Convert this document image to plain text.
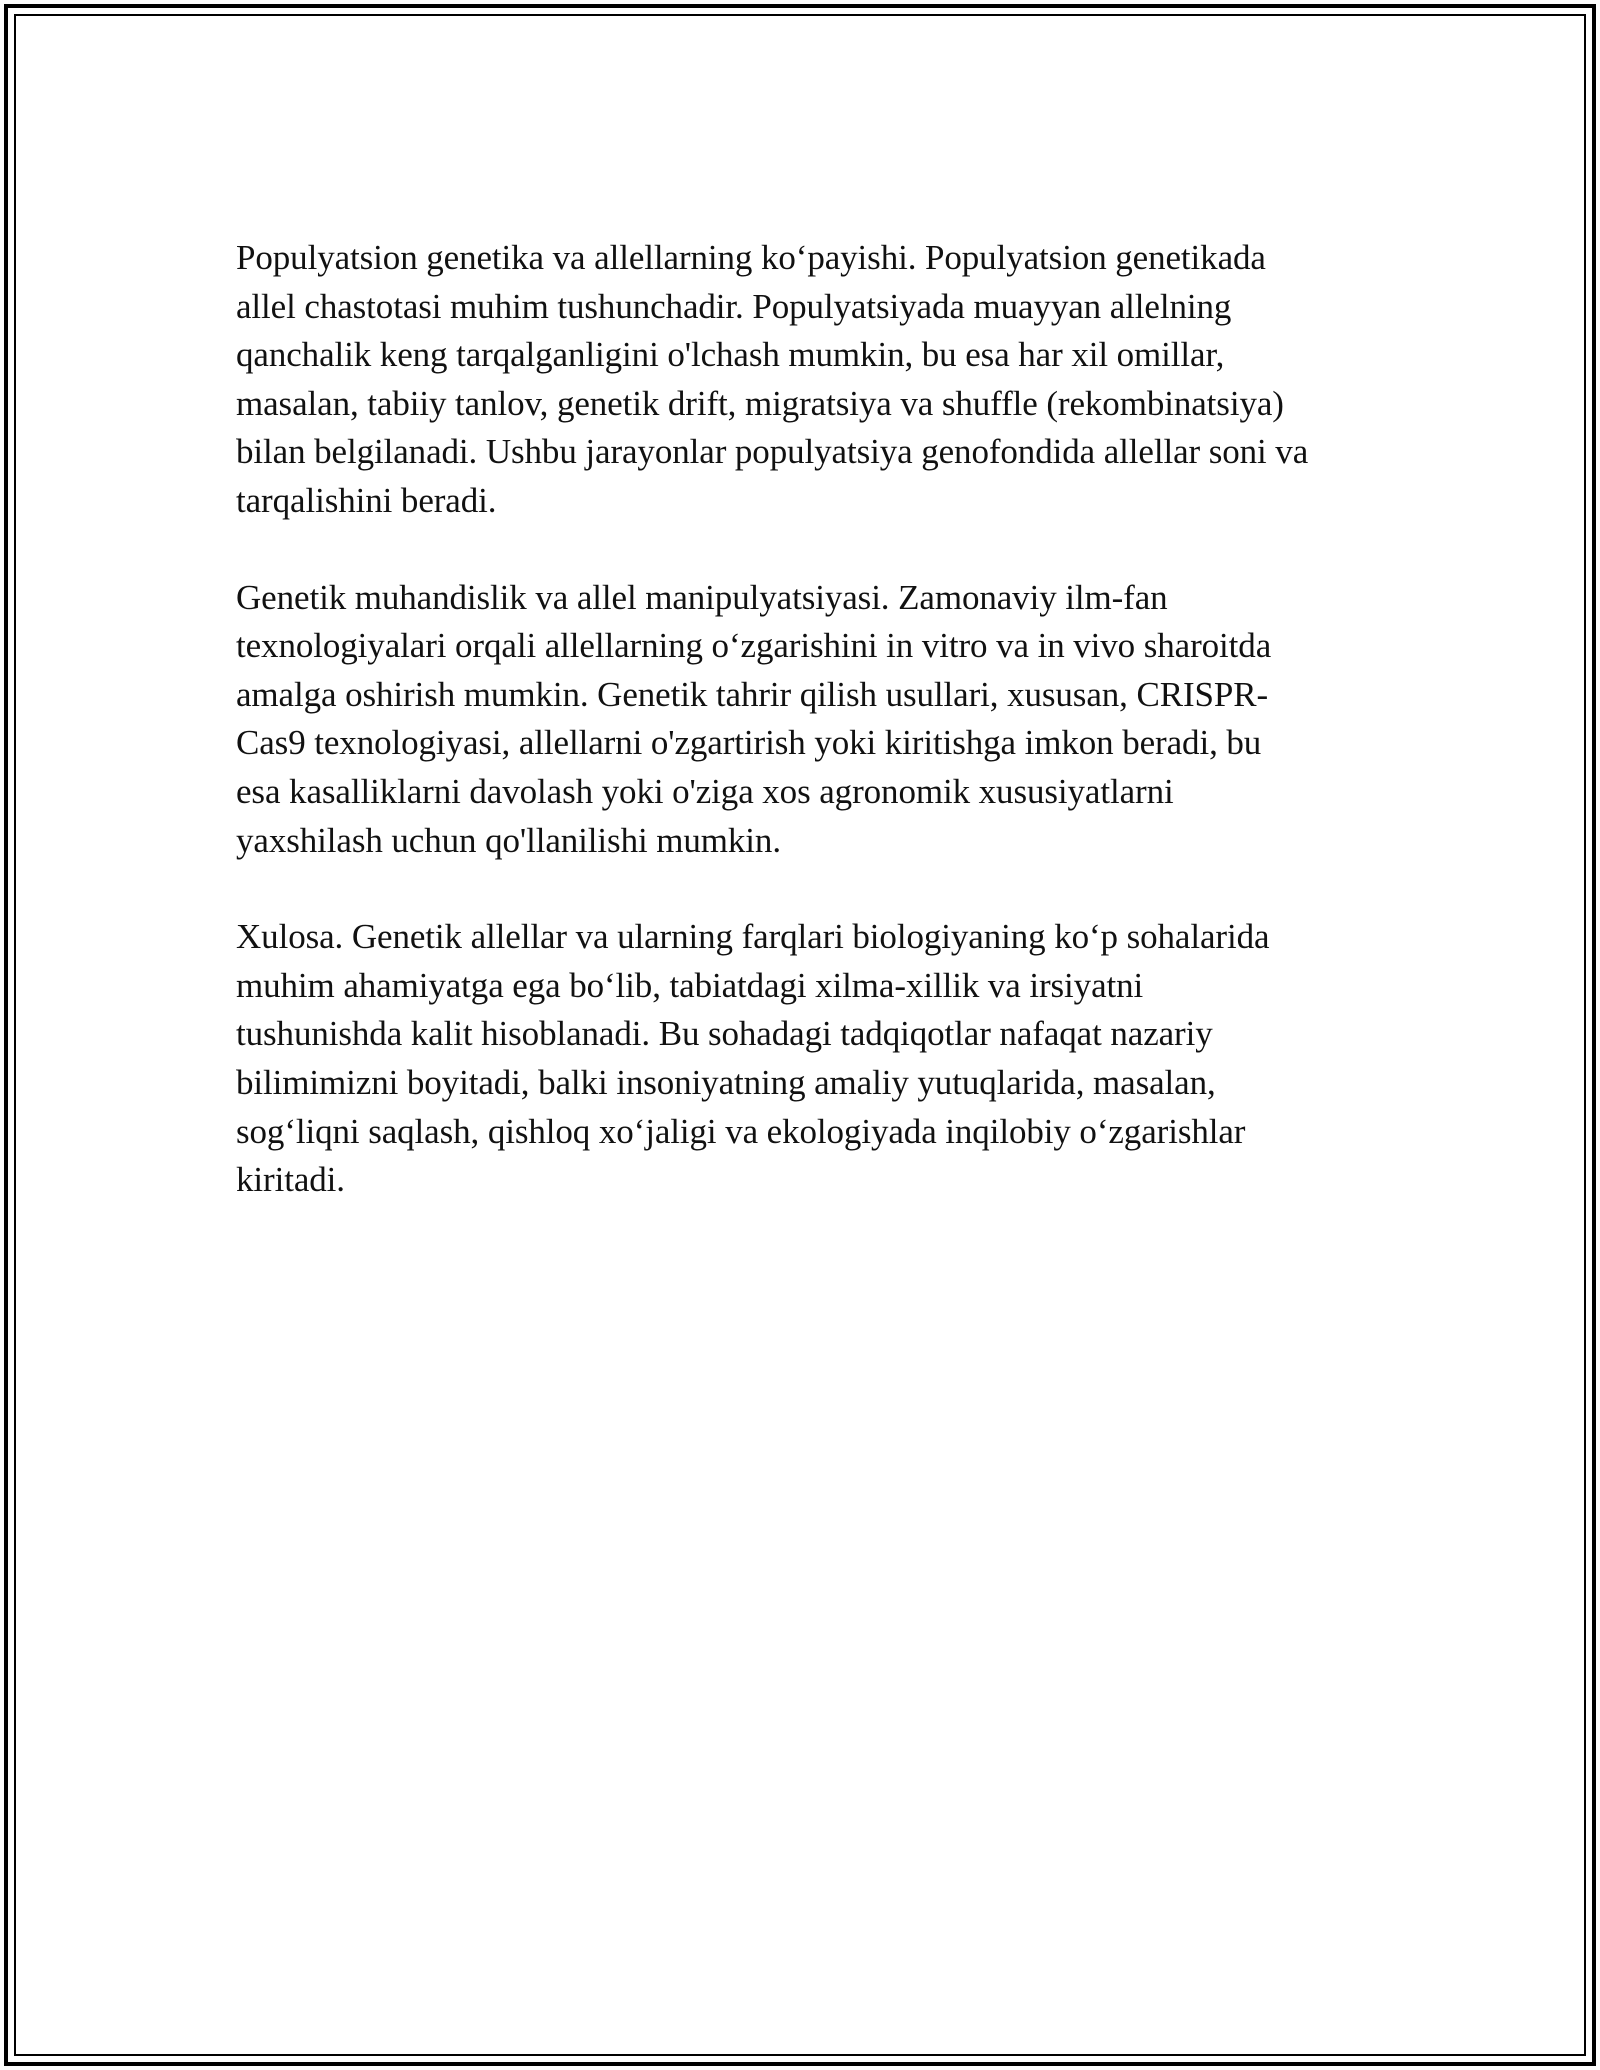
Populyatsion genetika va allellarning ko‘payishi. Populyatsion genetikada
allel chastotasi muhim tushunchadir. Populyatsiyada muayyan allelning
qanchalik keng tarqalganligini o'lchash mumkin, bu esa har xil omillar,
masalan, tabiiy tanlov, genetik drift, migratsiya va shuffle (rekombinatsiya)
bilan belgilanadi. Ushbu jarayonlar populyatsiya genofondida allellar soni va
tarqalishini beradi.

Genetik muhandislik va allel manipulyatsiyasi. Zamonaviy ilm-fan
texnologiyalari orqali allellarning o‘zgarishini in vitro va in vivo sharoitda
amalga oshirish mumkin. Genetik tahrir qilish usullari, xususan, CRISPR-
Cas9 texnologiyasi, allellarni o'zgartirish yoki kiritishga imkon beradi, bu
esa kasalliklarni davolash yoki o'ziga xos agronomik xususiyatlarni
yaxshilash uchun qo'llanilishi mumkin.

Xulosa. Genetik allellar va ularning farqlari biologiyaning ko‘p sohalarida
muhim ahamiyatga ega bo‘lib, tabiatdagi xilma-xillik va irsiyatni
tushunishda kalit hisoblanadi. Bu sohadagi tadqiqotlar nafaqat nazariy
bilimimizni boyitadi, balki insoniyatning amaliy yutuqlarida, masalan,
sog‘liqni saqlash, qishloq xo‘jaligi va ekologiyada inqilobiy o‘zgarishlar
kiritadi.
